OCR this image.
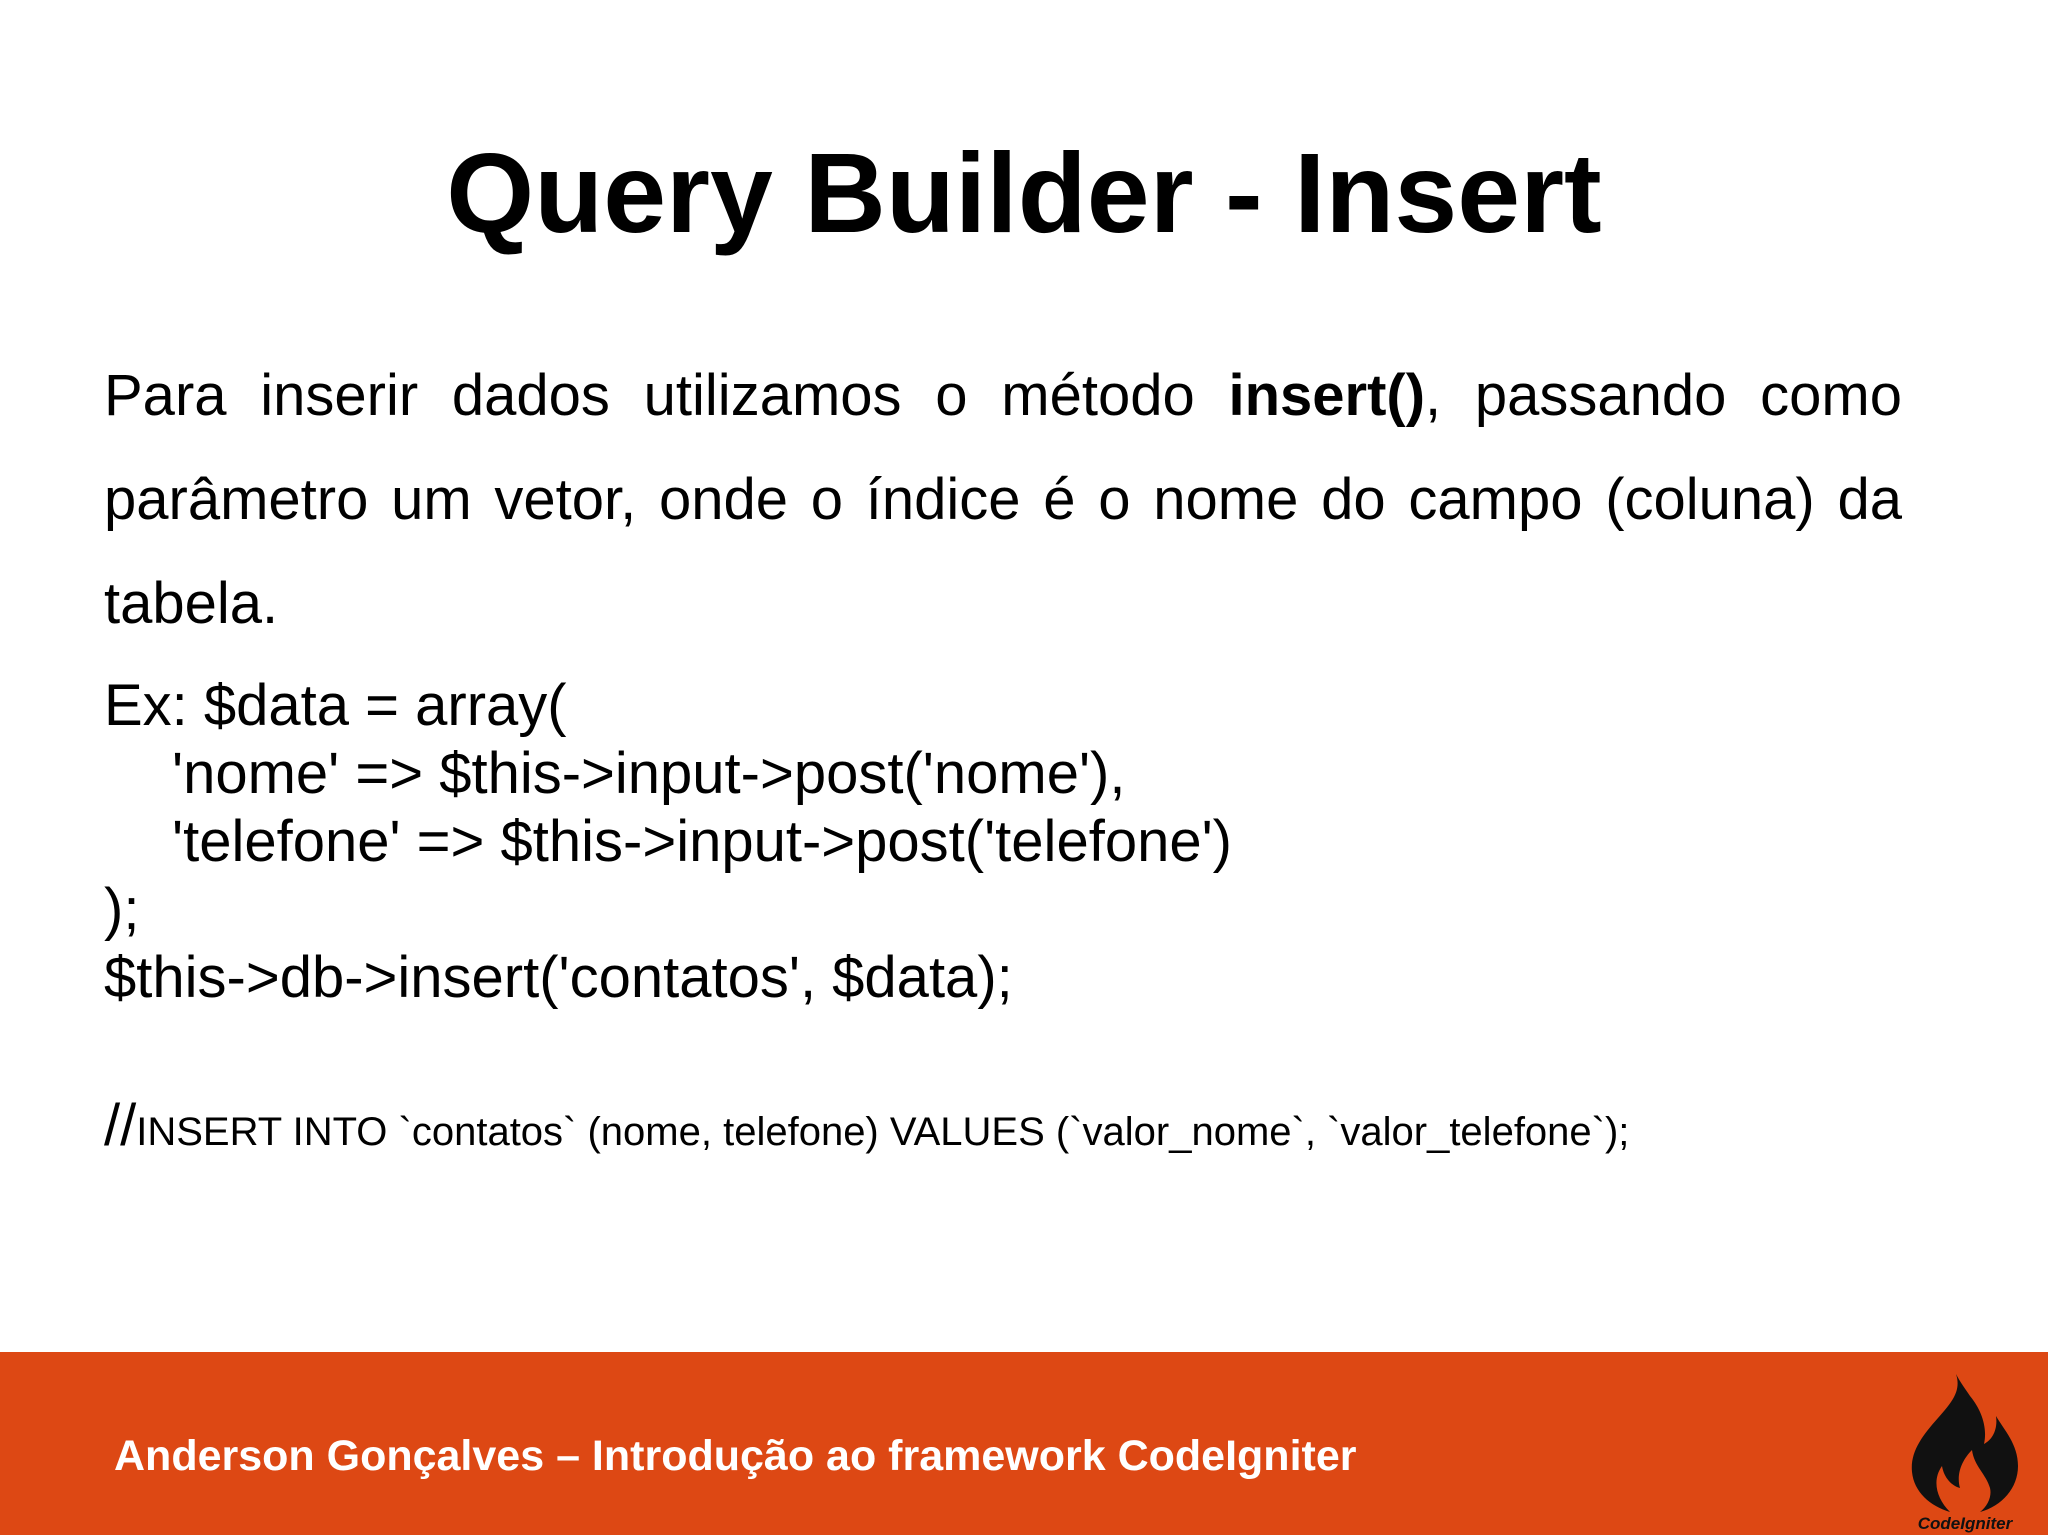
Query Builder - Insert

Para inserir dados utilizamos o método insert(), passando como parâmetro um vetor, onde o índice é o nome do campo (coluna) da tabela.

Ex: $data = array(
'nome' => $this->input->post('nome'),
'telefone' => $this->input->post('telefone')
);
$this->db->insert('contatos', $data);
//INSERT INTO `contatos` (nome, telefone) VALUES (`valor_nome`, `valor_telefone`);
Anderson Gonçalves – Introdução ao framework CodeIgniter
CodeIgniter
